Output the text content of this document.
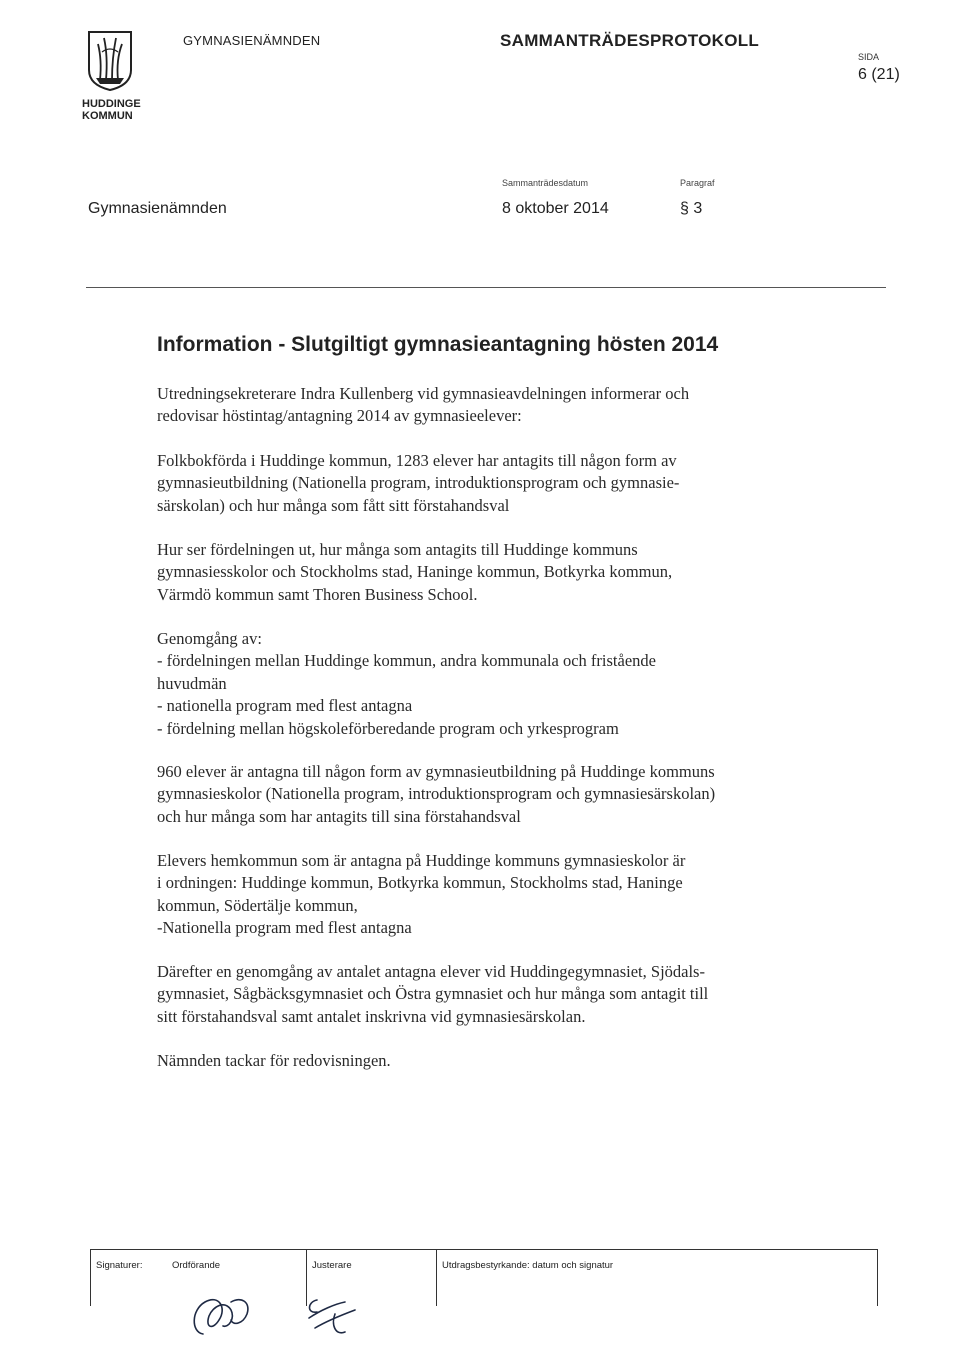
HUDDINGE
KOMMUN
GYMNASIENÄMNDEN	SAMMANTRÄDESPROTOKOLL
SIDA
6 (21)
Sammanträdesdatum	Paragraf
Gymnasienämnden	8 oktober 2014	§ 3
Information - Slutgiltigt gymnasieantagning hösten 2014
Utredningsekreterare Indra Kullenberg vid gymnasieavdelningen informerar och
redovisar höstintag/antagning 2014 av gymnasieelever:
Folkbokförda i Huddinge kommun, 1283 elever har antagits till någon form av
gymnasieutbildning (Nationella program, introduktionsprogram och gymnasie-
särskolan) och hur många som fått sitt förstahandsval
Hur ser fördelningen ut, hur många som antagits till Huddinge kommuns
gymnasiesskolor och Stockholms stad, Haninge kommun, Botkyrka kommun,
Värmdö kommun samt Thoren Business School.
Genomgång av:
- fördelningen mellan Huddinge kommun, andra kommunala och fristående
huvudmän
- nationella program med flest antagna
- fördelning mellan högskoleförberedande program och yrkesprogram
960 elever är antagna till någon form av gymnasieutbildning på Huddinge kommuns
gymnasieskolor (Nationella program, introduktionsprogram och gymnasiesärskolan)
och hur många som har antagits till sina förstahandsval
Elevers hemkommun som är antagna på Huddinge kommuns gymnasieskolor är
i ordningen: Huddinge kommun, Botkyrka kommun, Stockholms stad, Haninge
kommun, Södertälje kommun,
-Nationella program med flest antagna
Därefter en genomgång av antalet antagna elever vid Huddingegymnasiet, Sjödals-
gymnasiet, Sågbäcksgymnasiet och Östra gymnasiet och hur många som antagit till
sitt förstahandsval samt antalet inskrivna vid gymnasiesärskolan.
Nämnden tackar för redovisningen.
Signaturer:	Ordförande	Justerare	Utdragsbestyrkande: datum och signatur
